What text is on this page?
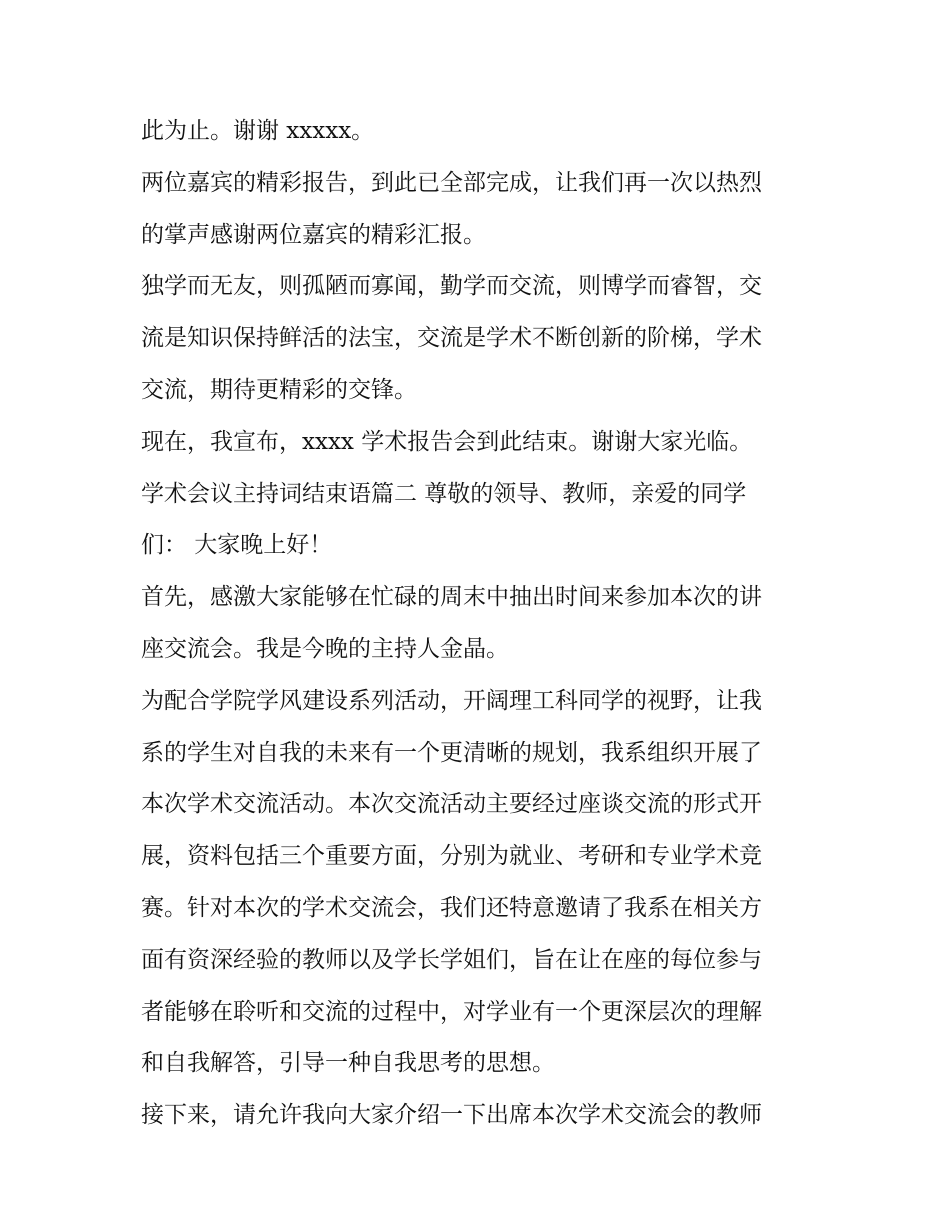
此为止。谢谢 xxxxx。
两位嘉宾的精彩报告，到此已全部完成，让我们再一次以热烈
的掌声感谢两位嘉宾的精彩汇报。
独学而无友，则孤陋而寡闻，勤学而交流，则博学而睿智，交
流是知识保持鲜活的法宝，交流是学术不断创新的阶梯，学术
交流，期待更精彩的交锋。
现在，我宣布，xxxx 学术报告会到此结束。谢谢大家光临。
学术会议主持词结束语篇二 尊敬的领导、教师，亲爱的同学
们： 大家晚上好！
首先，感激大家能够在忙碌的周末中抽出时间来参加本次的讲
座交流会。我是今晚的主持人金晶。
为配合学院学风建设系列活动，开阔理工科同学的视野，让我
系的学生对自我的未来有一个更清晰的规划，我系组织开展了
本次学术交流活动。本次交流活动主要经过座谈交流的形式开
展，资料包括三个重要方面，分别为就业、考研和专业学术竞
赛。针对本次的学术交流会，我们还特意邀请了我系在相关方
面有资深经验的教师以及学长学姐们，旨在让在座的每位参与
者能够在聆听和交流的过程中，对学业有一个更深层次的理解
和自我解答，引导一种自我思考的思想。
接下来，请允许我向大家介绍一下出席本次学术交流会的教师
